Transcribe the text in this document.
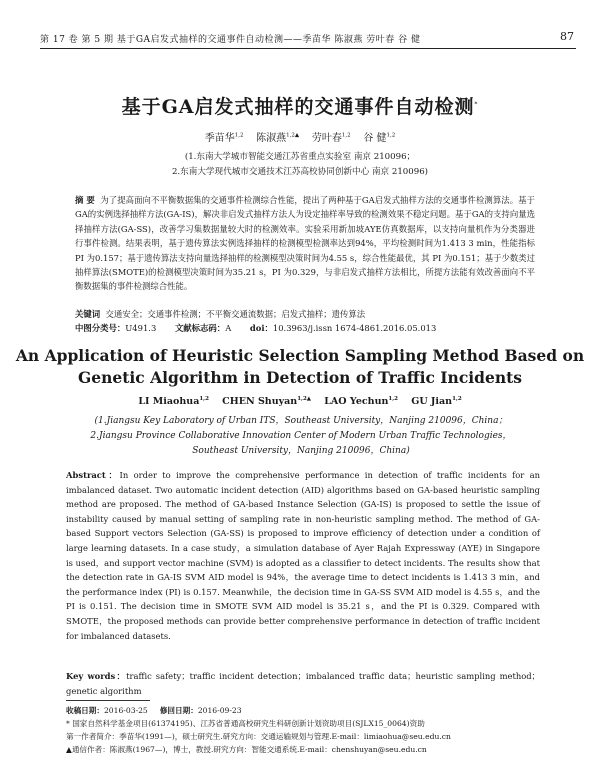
第 17 卷 第 5 期 基于GA启发式抽样的交通事件自动检测——季苗华 陈淑燕 劳叶春 谷 健	87
基于GA启发式抽样的交通事件自动检测*
季苗华$^{1,2}$ 陈淑燕$^{1,2▲}$ 劳叶春$^{1,2}$ 谷 健$^{1,2}$
(1.东南大学城市智能交通江苏省重点实验室 南京 210096；
2.东南大学现代城市交通技术江苏高校协同创新中心 南京 210096)
摘 要 为了提高面向不平衡数据集的交通事件检测综合性能，提出了两种基于GA启发式抽样方法的交通事件检测算法。基于GA的实例选择抽样方法(GA-IS)，解决非启发式抽样方法人为设定抽样率导致的检测效果不稳定问题。基于GA的支持向量选择抽样方法(GA-SS)，改善学习集数据量较大时的检测效率。实验采用新加坡AYE仿真数据库，以支持向量机作为分类器进行事件检测。结果表明，基于遗传算法实例选择抽样的检测模型检测率达到94%，平均检测时间为1.413 3 min，性能指标 PI 为0.157；基于遗传算法支持向量选择抽样的检测模型决策时间为4.55 s，综合性能最优，其 PI 为0.151；基于少数类过抽样算法(SMOTE)的检测模型决策时间为35.21 s，PI 为0.329，与非启发式抽样方法相比，所提方法能有效改善面向不平衡数据集的事件检测综合性能。
关键词 交通安全；交通事件检测；不平衡交通流数据；启发式抽样；遗传算法
中图分类号：U491.3 文献标志码：A doi：10.3963/j.issn 1674-4861.2016.05.013
An Application of Heuristic Selection Sampling Method Based on
Genetic Algorithm in Detection of Traffic Incidents
LI Miaohua$^{1,2}$ CHEN Shuyan$^{1,2▲}$ LAO Yechun$^{1,2}$ GU Jian$^{1,2}$
(1.Jiangsu Key Laboratory of Urban ITS，Southeast University，Nanjing 210096，China；
2.Jiangsu Province Collaborative Innovation Center of Modern Urban Traffic Technologies，
Southeast University，Nanjing 210096，China)
Abstract：In order to improve the comprehensive performance in detection of traffic incidents for an imbalanced dataset. Two automatic incident detection (AID) algorithms based on GA-based heuristic sampling method are proposed. The method of GA-based Instance Selection (GA-IS) is proposed to settle the issue of instability caused by manual setting of sampling rate in non-heuristic sampling method. The method of GA-based Support vectors Selection (GA-SS) is proposed to improve efficiency of detection under a condition of large learning datasets. In a case study，a simulation database of Ayer Rajah Expressway (AYE) in Singapore is used，and support vector machine (SVM) is adopted as a classifier to detect incidents. The results show that the detection rate in GA-IS SVM AID model is 94%，the average time to detect incidents is 1.413 3 min，and the performance index (PI) is 0.157. Meanwhile，the decision time in GA-SS SVM AID model is 4.55 s，and the PI is 0.151. The decision time in SMOTE SVM AID model is 35.21 s，and the PI is 0.329. Compared with SMOTE，the proposed methods can provide better comprehensive performance in detection of traffic incident for imbalanced datasets.
Key words：traffic safety；traffic incident detection；imbalanced traffic data；heuristic sampling method；genetic algorithm
收稿日期：2016-03-25 修回日期：2016-09-23
* 国家自然科学基金项目(61374195)、江苏省普通高校研究生科研创新计划资助项目(SJLX15_0064)资助
第一作者简介：季苗华(1991—)，硕士研究生.研究方向：交通运输规划与管理.E-mail：limiaohua@seu.edu.cn
▲通信作者：陈淑燕(1967—)，博士，教授.研究方向：智能交通系统.E-mail：chenshuyan@seu.edu.cn
